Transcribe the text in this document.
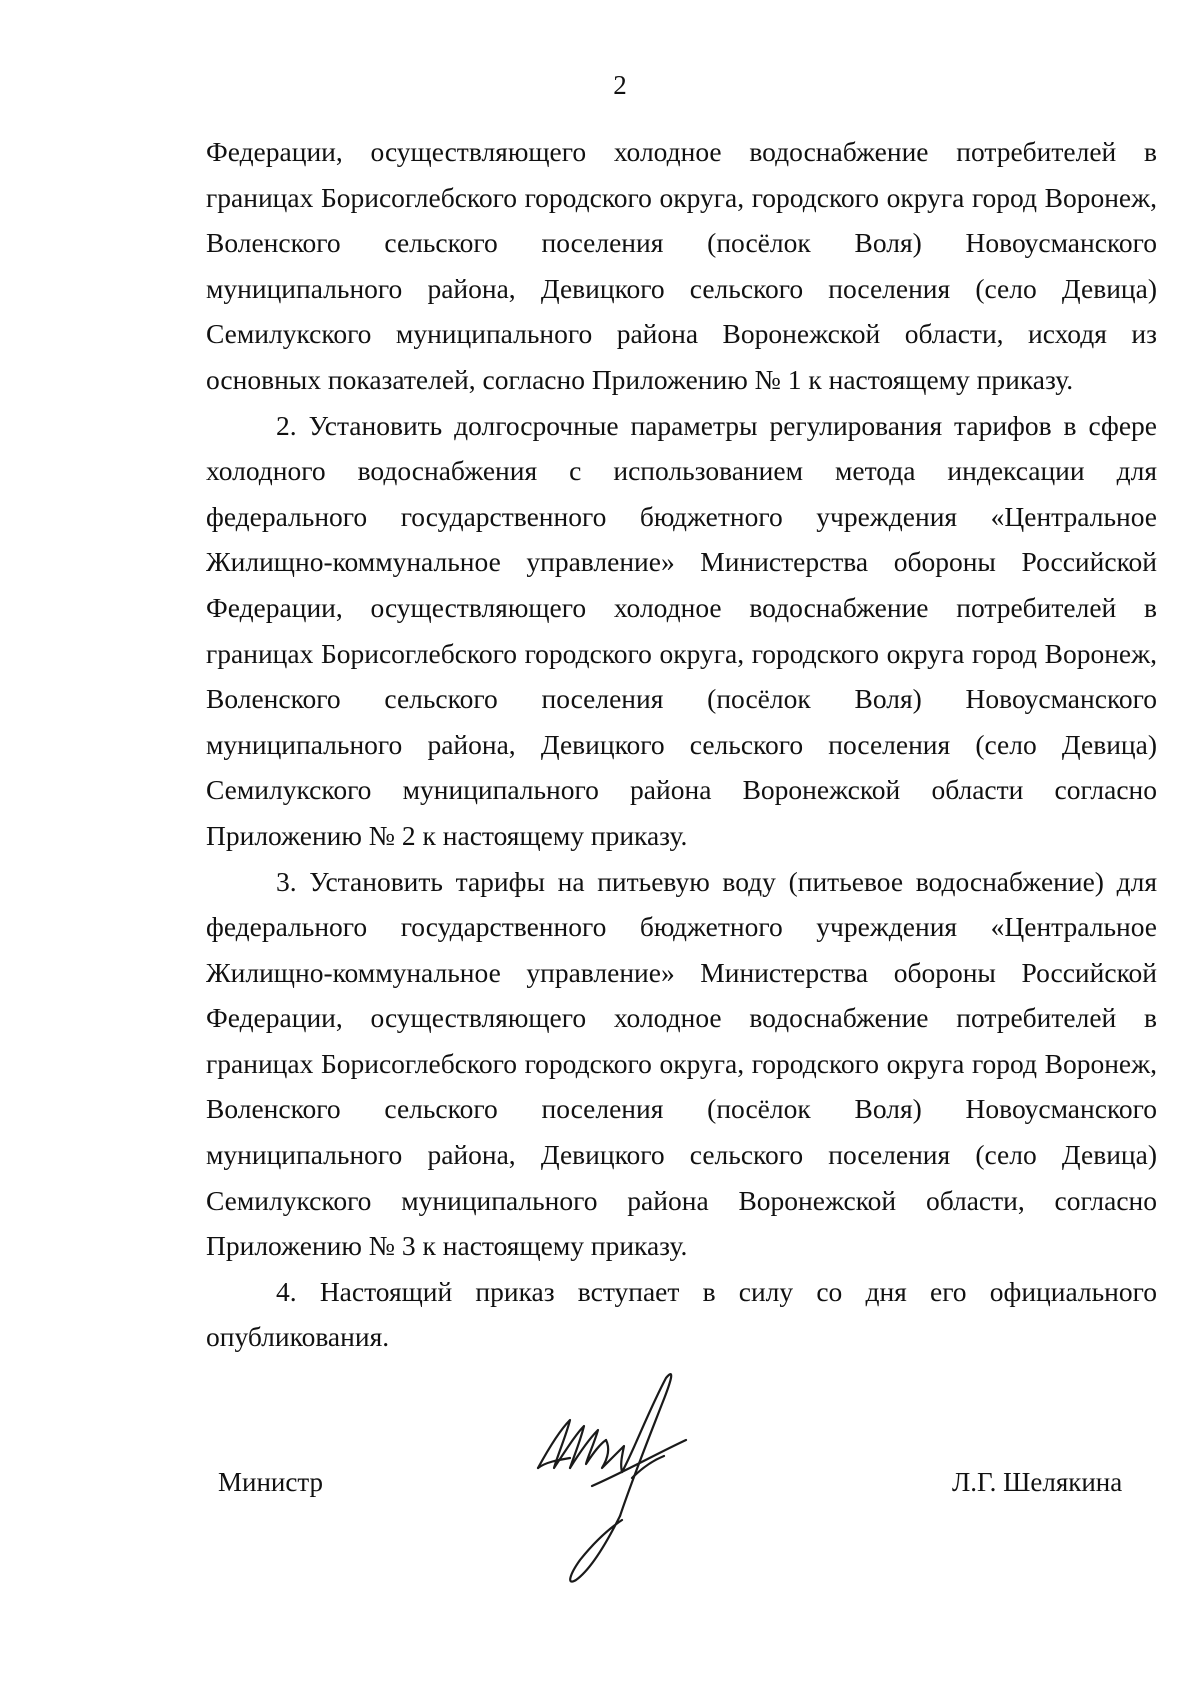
2

Федерации, осуществляющего холодное водоснабжение потребителей в границах Борисоглебского городского округа, городского округа город Воронеж, Воленского сельского поселения (посёлок Воля) Новоусманского муниципального района, Девицкого сельского поселения (село Девица) Семилукского муниципального района Воронежской области, исходя из основных показателей, согласно Приложению № 1 к настоящему приказу.

2. Установить долгосрочные параметры регулирования тарифов в сфере холодного водоснабжения с использованием метода индексации для федерального государственного бюджетного учреждения «Центральное Жилищно-коммунальное управление» Министерства обороны Российской Федерации, осуществляющего холодное водоснабжение потребителей в границах Борисоглебского городского округа, городского округа город Воронеж, Воленского сельского поселения (посёлок Воля) Новоусманского муниципального района, Девицкого сельского поселения (село Девица) Семилукского муниципального района Воронежской области согласно Приложению № 2 к настоящему приказу.

3. Установить тарифы на питьевую воду (питьевое водоснабжение) для федерального государственного бюджетного учреждения «Центральное Жилищно-коммунальное управление» Министерства обороны Российской Федерации, осуществляющего холодное водоснабжение потребителей в границах Борисоглебского городского округа, городского округа город Воронеж, Воленского сельского поселения (посёлок Воля) Новоусманского муниципального района, Девицкого сельского поселения (село Девица) Семилукского муниципального района Воронежской области, согласно Приложению № 3 к настоящему приказу.

4. Настоящий приказ вступает в силу со дня его официального опубликования.

Министр	Л.Г. Шелякина
